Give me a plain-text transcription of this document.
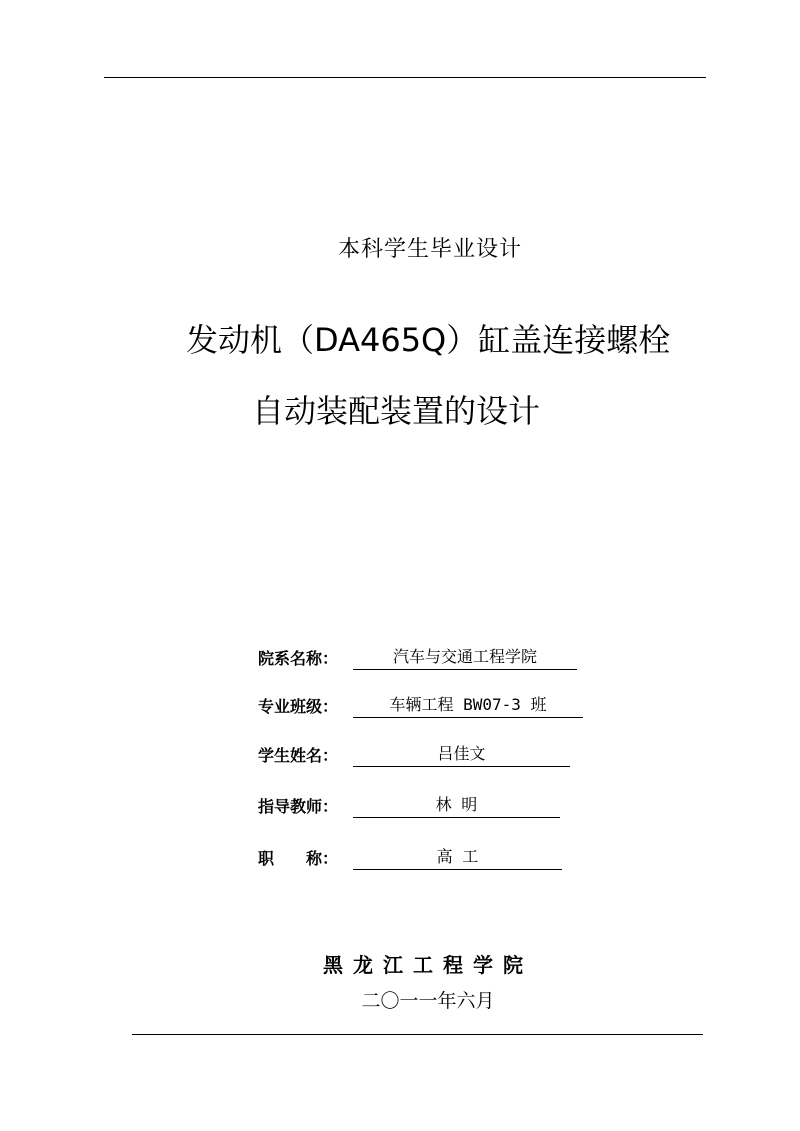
本科学生毕业设计
发动机（DA465Q）缸盖连接螺栓
自动装配装置的设计
院系名称：	汽车与交通工程学院
专业班级：	车辆工程 BW07-3 班
学生姓名：	吕佳文
指导教师：	林 明
职　　称：	高 工
黑龙江工程学院
二〇一一年六月
